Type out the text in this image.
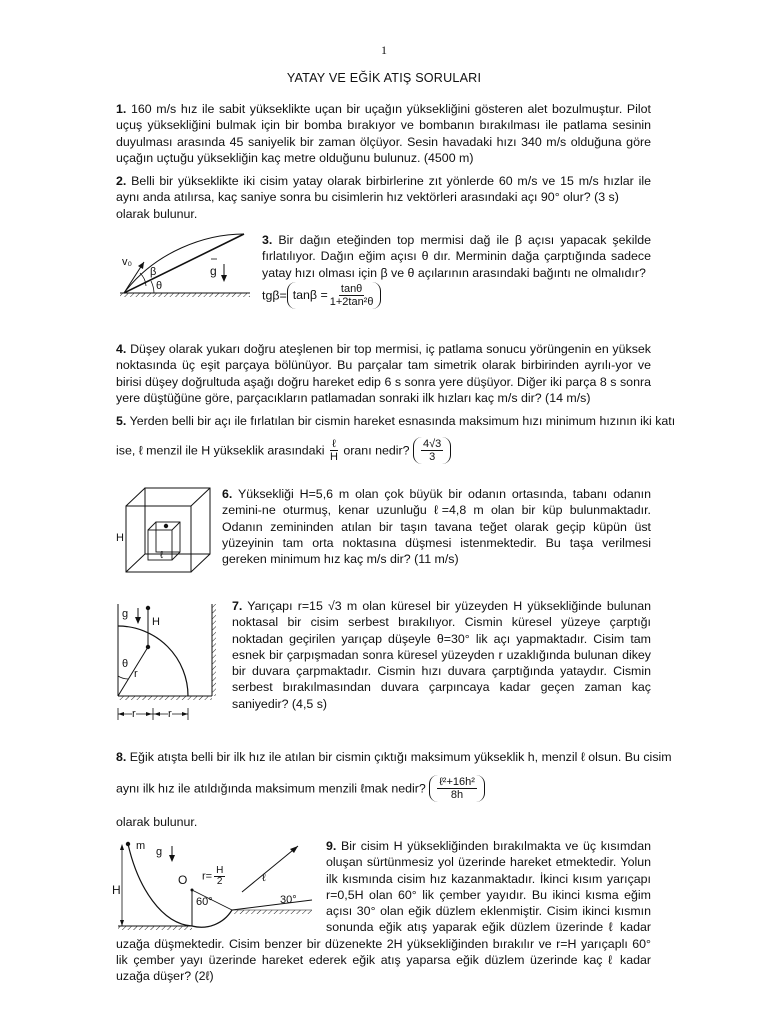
1
YATAY VE EĞİK ATIŞ SORULARI
1. 160 m/s hız ile sabit yükseklikte uçan bir uçağın yüksekliğini gösteren alet bozulmuştur. Pilot uçuş yüksekliğini bulmak için bir bomba bırakıyor ve bombanın bırakılması ile patlama sesinin duyulması arasında 45 saniyelik bir zaman ölçüyor. Sesin havadaki hızı 340 m/s olduğuna göre uçağın uçtuğu yüksekliğin kaç metre olduğunu bulunuz. (4500 m)
2. Belli bir yükseklikte iki cisim yatay olarak birbirlerine zıt yönlerde 60 m/s ve 15 m/s hızlar ile aynı anda atılırsa, kaç saniye sonra bu cisimlerin hız vektörleri arasındaki açı 90° olur? (3 s)
olarak bulunur.
v₀
β
θ
g
3. Bir dağın eteğinden top mermisi dağ ile β açısı yapacak şekilde fırlatılıyor. Dağın eğim açısı θ dır. Merminin dağa çarptığında sadece yatay hızı olması için β ve θ açılarının arasındaki bağıntı ne olmalıdır?
$tg\beta= \tan\beta = \frac{\tan\theta}{\text{1+2tan²θ}}$
4. Düşey olarak yukarı doğru ateşlenen bir top mermisi, iç patlama sonucu yörüngenin en yüksek noktasında üç eşit parçaya bölünüyor. Bu parçalar tam simetrik olarak birbirinden ayrılı-yor ve birisi düşey doğrultuda aşağı doğru hareket edip 6 s sonra yere düşüyor. Diğer iki parça 8 s sonra yere düştüğüne göre, parçacıkların patlamadan sonraki ilk hızları kaç m/s dir? (14 m/s)
5. Yerden belli bir açı ile fırlatılan bir cismin hareket esnasında maksimum hızı minimum hızının iki katı
ise, ℓ menzil ile H yükseklik arasındaki $\frac{\text{ℓ}}{H}$ oranı nedir? $\frac{4√3}{3}$
H
ℓ
6. Yüksekliği H=5,6 m olan çok büyük bir odanın ortasında, tabanı odanın zemini-ne oturmuş, kenar uzunluğu ℓ=4,8 m olan bir küp bulunmaktadır. Odanın zemininden atılan bir taşın tavana teğet olarak geçip küpün üst yüzeyinin tam orta noktasına düşmesi istenmektedir. Bu taşa verilmesi gereken minimum hız kaç m/s dir? (11 m/s)
g
H
θ
r
r	r
7. Yarıçapı r=15 √3 m olan küresel bir yüzeyden H yüksekliğinde bulunan noktasal bir cisim serbest bırakılıyor. Cismin küresel yüzeye çarptığı noktadan geçirilen yarıçap düşeyle θ=30° lik açı yapmaktadır. Cisim tam esnek bir çarpışmadan sonra küresel yüzeyden r uzaklığında bulunan dikey bir duvara çarpmaktadır. Cismin hızı duvara çarptığında yataydır. Cismin serbest bırakılmasından duvara çarpıncaya kadar geçen zaman kaç saniyedir? (4,5 s)
8. Eğik atışta belli bir ilk hız ile atılan bir cismin çıktığı maksimum yükseklik h, menzil ℓ olsun. Bu cisim
aynı ilk hız ile atıldığında maksimum menzili ℓmak nedir? $\frac{\text{ℓ²+16h²}}{8h}$
olarak bulunur.
m g
H
O $r= \frac{H}{2}$
60°	30°
ℓ
9. Bir cisim H yüksekliğinden bırakılmakta ve üç kısımdan oluşan sürtünmesiz yol üzerinde hareket etmektedir. Yolun ilk kısmında cisim hız kazanmaktadır. İkinci kısım yarıçapı r=0,5H olan 60° lik çember yayıdır. Bu ikinci kısma eğim açısı 30° olan eğik düzlem eklenmiştir. Cisim ikinci kısmın sonunda eğik atış yaparak eğik düzlem üzerinde ℓ kadar uzağa düşmektedir. Cisim benzer bir düzenekte 2H yüksekliğinden bırakılır ve r=H yarıçaplı 60° lik çember yayı üzerinde hareket ederek eğik atış yaparsa eğik düzlem üzerinde kaç ℓ kadar uzağa düşer? (2ℓ)
